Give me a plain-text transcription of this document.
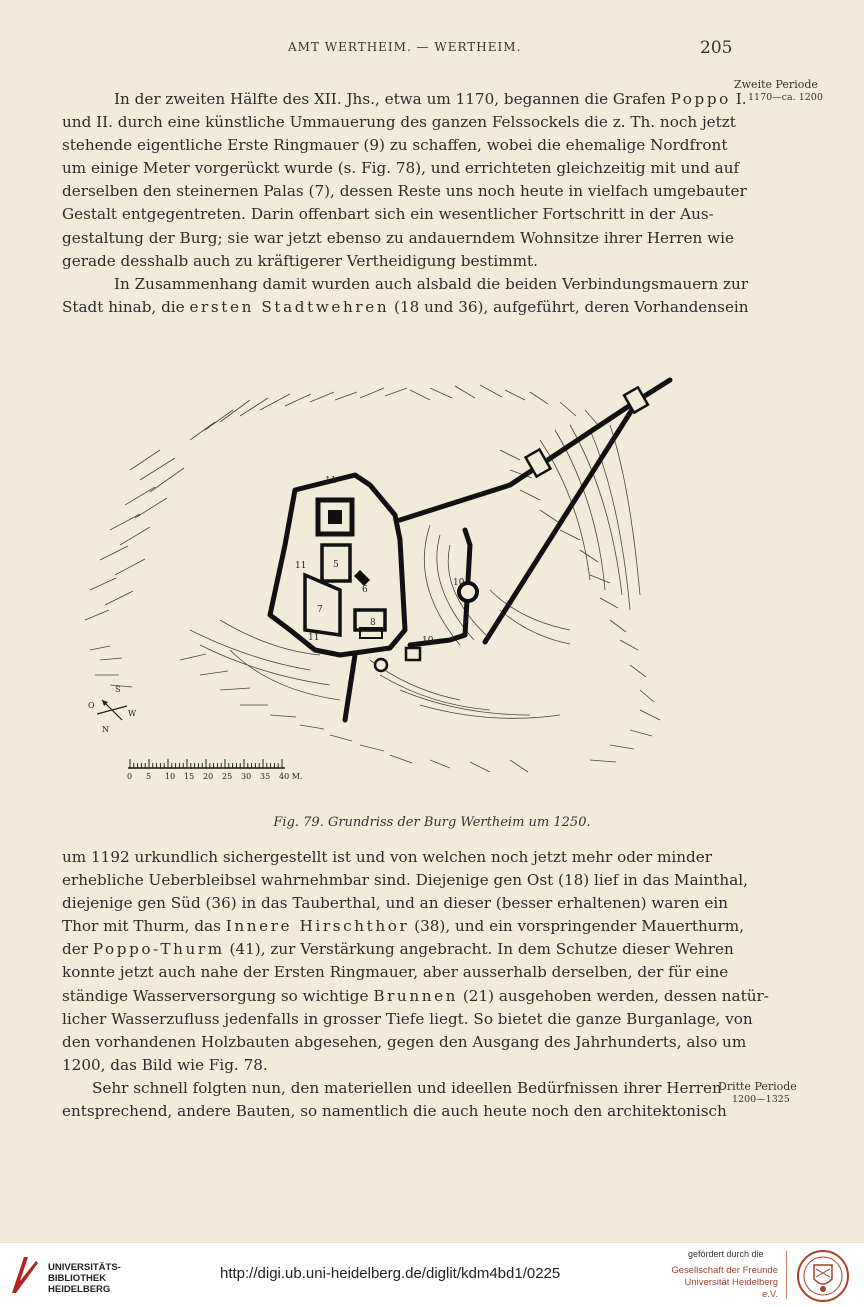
AMT WERTHEIM. — WERTHEIM.	205
Zweite Periode
1170—ca. 1200

In der zweiten Hälfte des XII. Jhs., etwa um 1170, begannen die Grafen Poppo I.
und II. durch eine künstliche Ummauerung des ganzen Felssockels die z. Th. noch jetzt
stehende eigentliche Erste Ringmauer (9) zu schaffen, wobei die ehemalige Nordfront
um einige Meter vorgerückt wurde (s. Fig. 78), und errichteten gleichzeitig mit und auf
derselben den steinernen Palas (7), dessen Reste uns noch heute in vielfach umgebauter
Gestalt entgegentreten. Darin offenbart sich ein wesentlicher Fortschritt in der Aus-
gestaltung der Burg; sie war jetzt ebenso zu andauerndem Wohnsitze ihrer Herren wie
gerade desshalb auch zu kräftigerer Vertheidigung bestimmt.

In Zusammenhang damit wurden auch alsbald die beiden Verbindungsmauern zur
Stadt hinab, die ersten Stadtwehren (18 und 36), aufgeführt, deren Vorhandensein

11
11
11
5
6
7
8
10
10
S
O
W
N
0 5 10 15 20 25 30 35 40 M.
Fig. 79. Grundriss der Burg Wertheim um 1250.

um 1192 urkundlich sichergestellt ist und von welchen noch jetzt mehr oder minder
erhebliche Ueberbleibsel wahrnehmbar sind. Diejenige gen Ost (18) lief in das Mainthal,
diejenige gen Süd (36) in das Tauberthal, und an dieser (besser erhaltenen) waren ein
Thor mit Thurm, das Innere Hirschthor (38), und ein vorspringender Mauerthurm,
der Poppo-Thurm (41), zur Verstärkung angebracht. In dem Schutze dieser Wehren
konnte jetzt auch nahe der Ersten Ringmauer, aber ausserhalb derselben, der für eine
ständige Wasserversorgung so wichtige Brunnen (21) ausgehoben werden, dessen natür-
licher Wasserzufluss jedenfalls in grosser Tiefe liegt. So bietet die ganze Burganlage, von
den vorhandenen Holzbauten abgesehen, gegen den Ausgang des Jahrhunderts, also um
1200, das Bild wie Fig. 78.

Dritte Periode
1200—1325

Sehr schnell folgten nun, den materiellen und ideellen Bedürfnissen ihrer Herren
entsprechend, andere Bauten, so namentlich die auch heute noch den architektonisch

UNIVERSITÄTS-
BIBLIOTHEK
HEIDELBERG
http://digi.ub.uni-heidelberg.de/diglit/kdm4bd1/0225
gefördert durch die
Gesellschaft der Freunde
Universität Heidelberg e.V.
